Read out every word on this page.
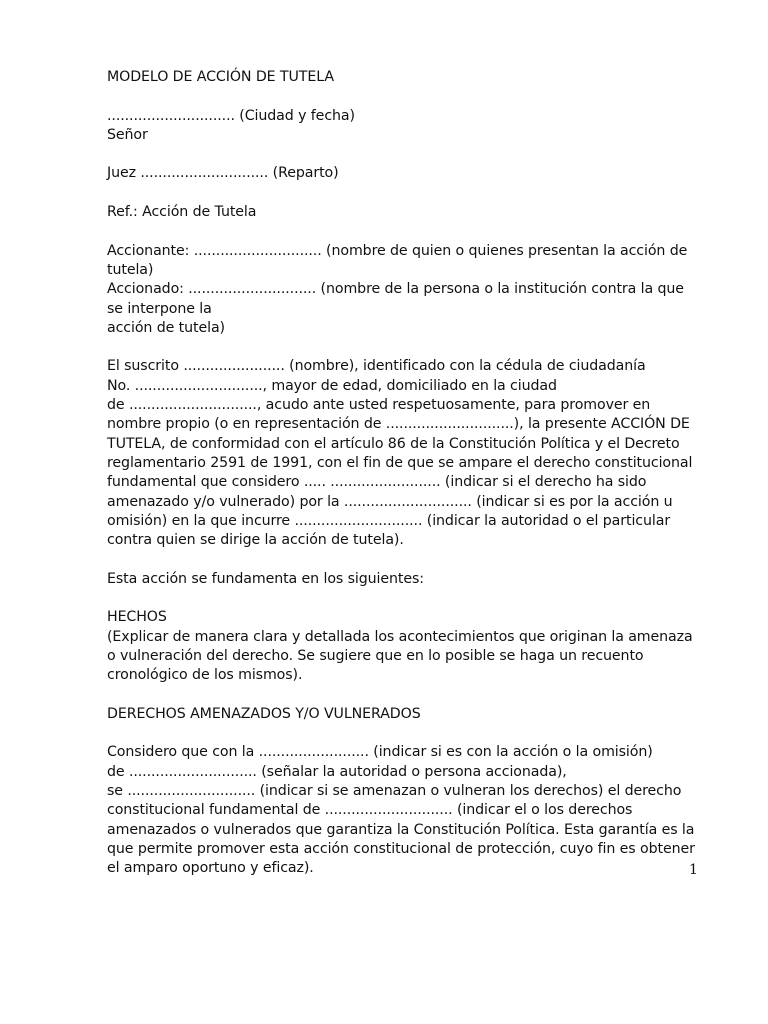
MODELO DE ACCIÓN DE TUTELA
............................. (Ciudad y fecha)
Señor
Juez ............................. (Reparto)
Ref.: Acción de Tutela
Accionante: ............................. (nombre de quien o quienes presentan la acción de
tutela)
Accionado: ............................. (nombre de la persona o la institución contra la que
se interpone la
acción de tutela)
El suscrito ....................... (nombre), identificado con la cédula de ciudadanía
No. ............................., mayor de edad, domiciliado en la ciudad
de ............................., acudo ante usted respetuosamente, para promover en
nombre propio (o en representación de .............................), la presente ACCIÓN DE
TUTELA, de conformidad con el artículo 86 de la Constitución Política y el Decreto
reglamentario 2591 de 1991, con el fin de que se ampare el derecho constitucional
fundamental que considero ..... ......................... (indicar si el derecho ha sido
amenazado y/o vulnerado) por la ............................. (indicar si es por la acción u
omisión) en la que incurre ............................. (indicar la autoridad o el particular
contra quien se dirige la acción de tutela).
Esta acción se fundamenta en los siguientes:
HECHOS
(Explicar de manera clara y detallada los acontecimientos que originan la amenaza
o vulneración del derecho. Se sugiere que en lo posible se haga un recuento
cronológico de los mismos).
DERECHOS AMENAZADOS Y/O VULNERADOS
Considero que con la ......................... (indicar si es con la acción o la omisión)
de ............................. (señalar la autoridad o persona accionada),
se ............................. (indicar si se amenazan o vulneran los derechos) el derecho
constitucional fundamental de ............................. (indicar el o los derechos
amenazados o vulnerados que garantiza la Constitución Política. Esta garantía es la
que permite promover esta acción constitucional de protección, cuyo fin es obtener
el amparo oportuno y eficaz).	1
